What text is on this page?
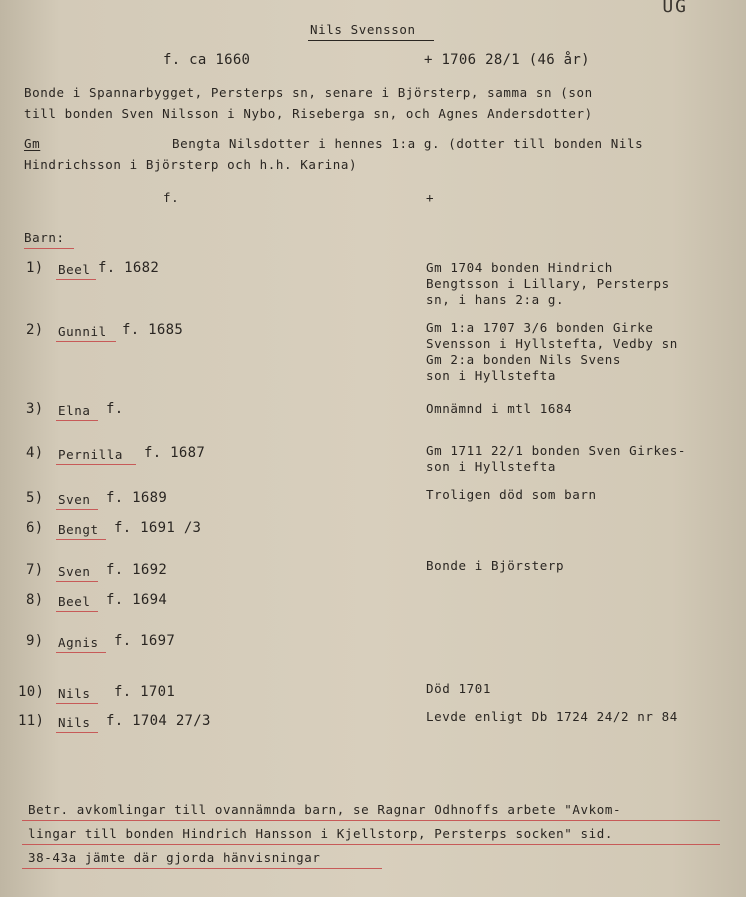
UG
Nils Svensson
f. ca 1660	+ 1706 28/1 (46 år)
Bonde i Spannarbygget, Persterps sn, senare i Björsterp, samma sn (son
till bonden Sven Nilsson i Nybo, Riseberga sn, och Agnes Andersdotter)
Gm	Bengta Nilsdotter i hennes 1:a g. (dotter till bonden Nils
Hindrichsson i Björsterp och h.h. Karina)
f.	+
Barn:
1) Beel f. 1682	Gm 1704 bonden Hindrich
Bengtsson i Lillary, Persterps
sn, i hans 2:a g.
2) Gunnil f. 1685	Gm 1:a 1707 3/6 bonden Girke
Svensson i Hyllstefta, Vedby sn
Gm 2:a bonden Nils Svens
son i Hyllstefta
3) Elna f.	Omnämnd i mtl 1684
4) Pernilla f. 1687	Gm 1711 22/1 bonden Sven Girkes-
son i Hyllstefta
5) Sven f. 1689	Troligen död som barn
6) Bengt f. 1691 /3
7) Sven f. 1692	Bonde i Björsterp
8) Beel f. 1694
9) Agnis f. 1697
10) Nils f. 1701	Död 1701
11) Nils f. 1704 27/3	Levde enligt Db 1724 24/2 nr 84
Betr. avkomlingar till ovannämnda barn, se Ragnar Odhnoffs arbete "Avkom-
lingar till bonden Hindrich Hansson i Kjellstorp, Persterps socken" sid.
38-43a jämte där gjorda hänvisningar
